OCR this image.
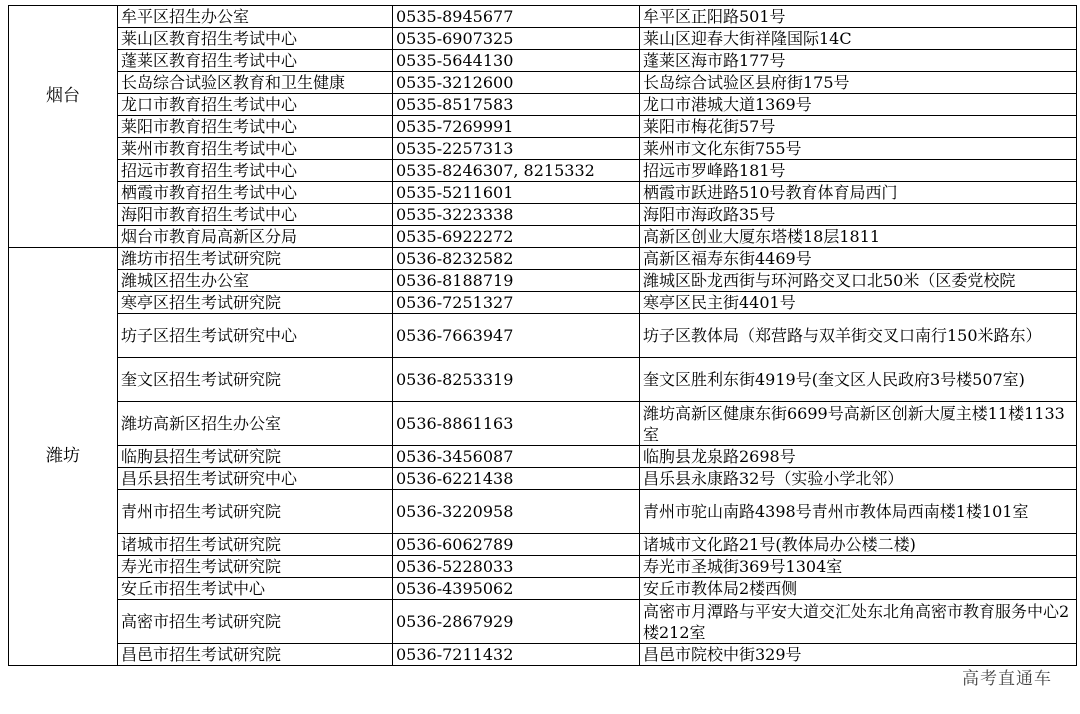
烟台	牟平区招生办公室	0535-8945677	牟平区正阳路501号
	莱山区教育招生考试中心	0535-6907325	莱山区迎春大街祥隆国际14C
	蓬莱区教育招生考试中心	0535-5644130	蓬莱区海市路177号
	长岛综合试验区教育和卫生健康	0535-3212600	长岛综合试验区县府街175号
	龙口市教育招生考试中心	0535-8517583	龙口市港城大道1369号
	莱阳市教育招生考试中心	0535-7269991	莱阳市梅花街57号
	莱州市教育招生考试中心	0535-2257313	莱州市文化东街755号
	招远市教育招生考试中心	0535-8246307, 8215332	招远市罗峰路181号
	栖霞市教育招生考试中心	0535-5211601	栖霞市跃进路510号教育体育局西门
	海阳市教育招生考试中心	0535-3223338	海阳市海政路35号
	烟台市教育局高新区分局	0535-6922272	高新区创业大厦东塔楼18层1811
潍坊	潍坊市招生考试研究院	0536-8232582	高新区福寿东街4469号
	潍城区招生办公室	0536-8188719	潍城区卧龙西街与环河路交叉口北50米（区委党校院
	寒亭区招生考试研究院	0536-7251327	寒亭区民主街4401号
	坊子区招生考试研究中心	0536-7663947	坊子区教体局（郑营路与双羊街交叉口南行150米路东）
	奎文区招生考试研究院	0536-8253319	奎文区胜利东街4919号(奎文区人民政府3号楼507室)
	潍坊高新区招生办公室	0536-8861163	潍坊高新区健康东街6699号高新区创新大厦主楼11楼1133室
	临朐县招生考试研究院	0536-3456087	临朐县龙泉路2698号
	昌乐县招生考试研究中心	0536-6221438	昌乐县永康路32号（实验小学北邻）
	青州市招生考试研究院	0536-3220958	青州市驼山南路4398号青州市教体局西南楼1楼101室
	诸城市招生考试研究院	0536-6062789	诸城市文化路21号(教体局办公楼二楼)
	寿光市招生考试研究院	0536-5228033	寿光市圣城街369号1304室
	安丘市招生考试中心	0536-4395062	安丘市教体局2楼西侧
	高密市招生考试研究院	0536-2867929	高密市月潭路与平安大道交汇处东北角高密市教育服务中心2楼212室
	昌邑市招生考试研究院	0536-7211432	昌邑市院校中街329号
高考直通车
